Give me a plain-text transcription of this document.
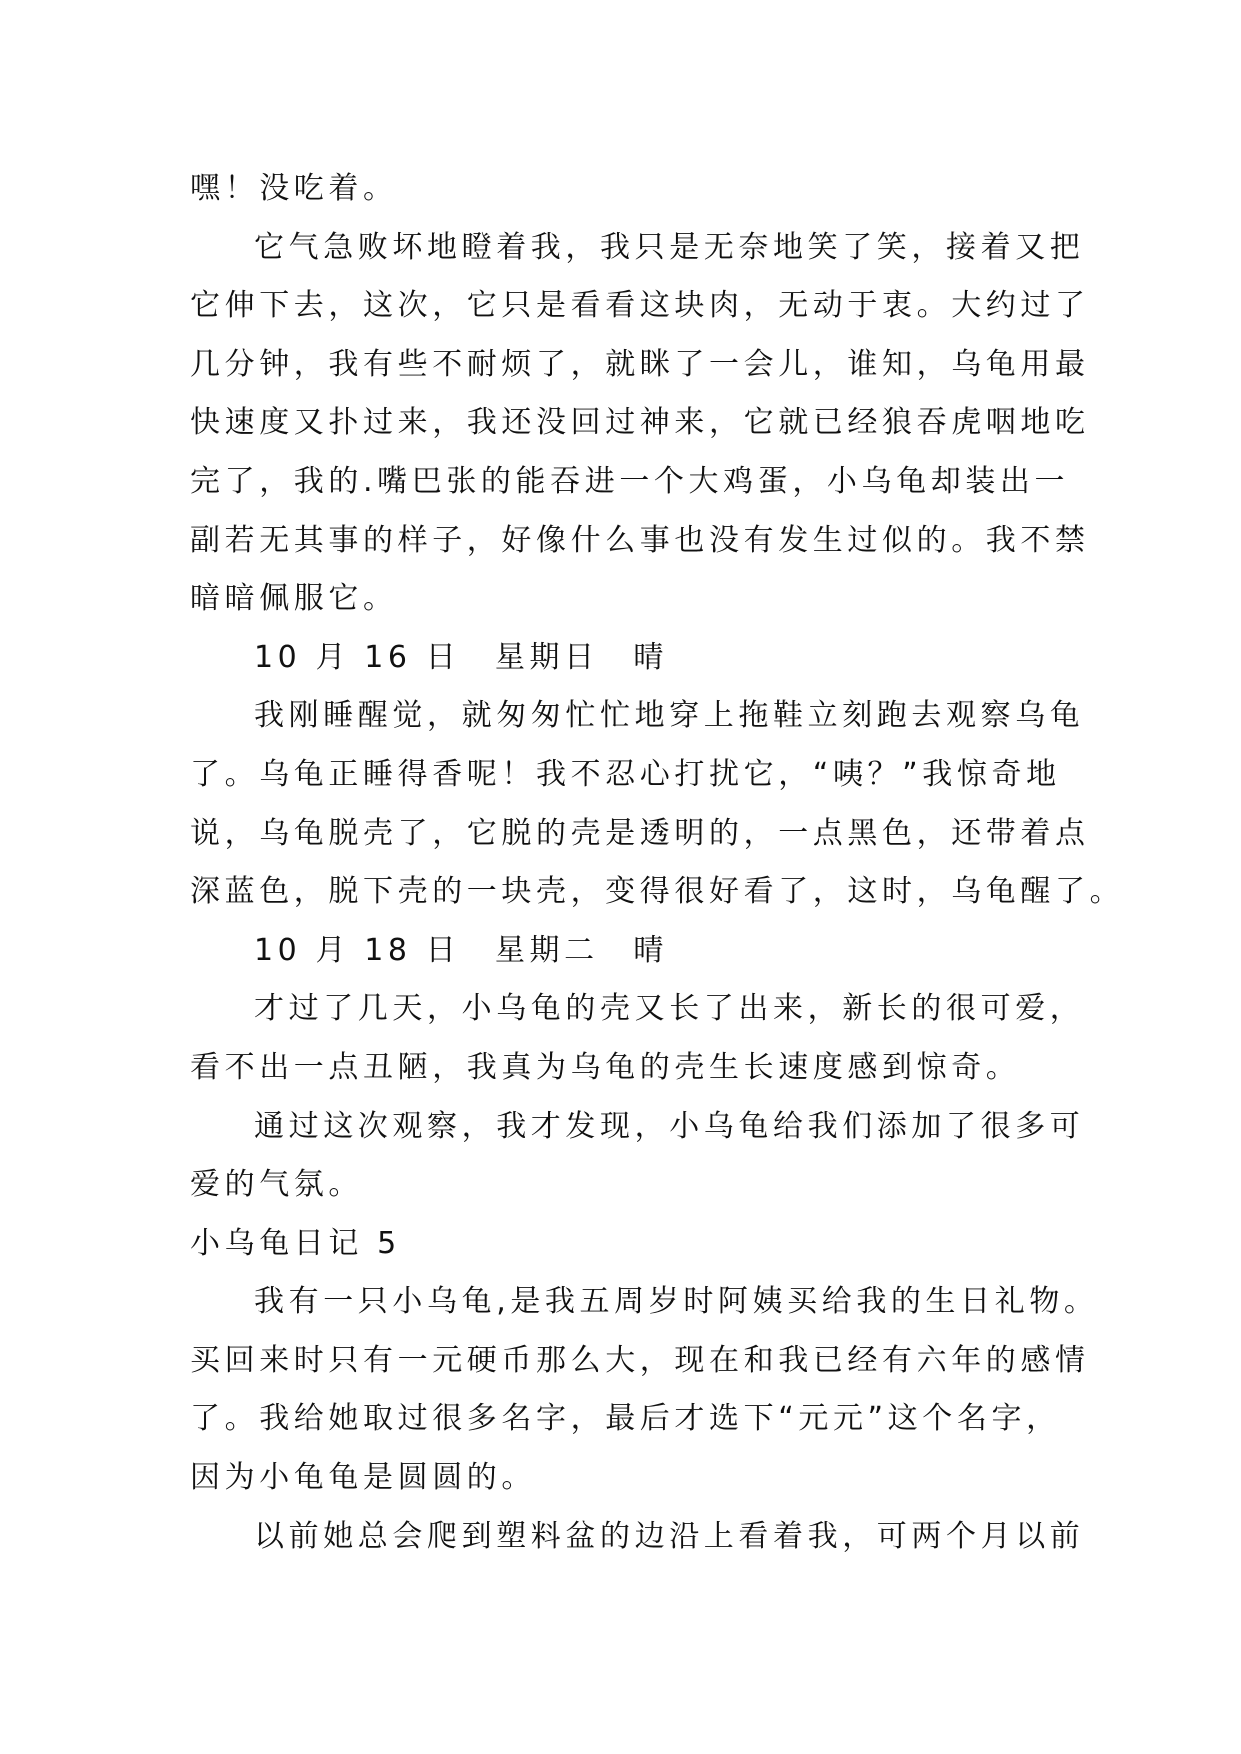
嘿！没吃着。
它气急败坏地瞪着我，我只是无奈地笑了笑，接着又把
它伸下去，这次，它只是看看这块肉，无动于衷。大约过了
几分钟，我有些不耐烦了，就眯了一会儿，谁知，乌龟用最
快速度又扑过来，我还没回过神来，它就已经狼吞虎咽地吃
完了，我的.嘴巴张的能吞进一个大鸡蛋，小乌龟却装出一
副若无其事的样子，好像什么事也没有发生过似的。我不禁
暗暗佩服它。
10 月 16 日　星期日　晴
我刚睡醒觉，就匆匆忙忙地穿上拖鞋立刻跑去观察乌龟
了。乌龟正睡得香呢！我不忍心打扰它，“咦？”我惊奇地
说，乌龟脱壳了，它脱的壳是透明的，一点黑色，还带着点
深蓝色，脱下壳的一块壳，变得很好看了，这时，乌龟醒了。
10 月 18 日　星期二　晴
才过了几天，小乌龟的壳又长了出来，新长的很可爱，
看不出一点丑陋，我真为乌龟的壳生长速度感到惊奇。
通过这次观察，我才发现，小乌龟给我们添加了很多可
爱的气氛。
小乌龟日记 5
我有一只小乌龟,是我五周岁时阿姨买给我的生日礼物。
买回来时只有一元硬币那么大，现在和我已经有六年的感情
了。我给她取过很多名字，最后才选下“元元”这个名字，
因为小龟龟是圆圆的。
以前她总会爬到塑料盆的边沿上看着我，可两个月以前
